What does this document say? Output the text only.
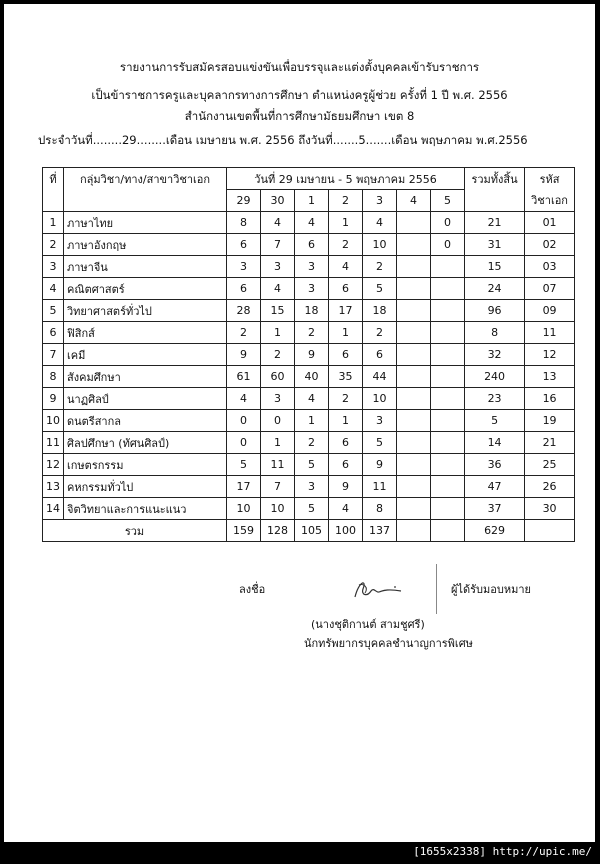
รายงานการรับสมัครสอบแข่งขันเพื่อบรรจุและแต่งตั้งบุคคลเข้ารับราชการ
เป็นข้าราชการครูและบุคลากรทางการศึกษา ตำแหน่งครูผู้ช่วย ครั้งที่ 1 ปี พ.ศ. 2556
สำนักงานเขตพื้นที่การศึกษามัธยมศึกษา เขต 8
ประจำวันที่........29........เดือน เมษายน พ.ศ. 2556 ถึงวันที่.......5.......เดือน พฤษภาคม พ.ศ.2556
ที่	กลุ่มวิชา/ทาง/สาขาวิชาเอก	วันที่ 29 เมษายน - 5 พฤษภาคม 2556							รวมทั้งสิ้น	รหัส
		29	30	1	2	3	4	5		วิชาเอก
1	ภาษาไทย	8	4	4	1	4		0	21	01
2	ภาษาอังกฤษ	6	7	6	2	10		0	31	02
3	ภาษาจีน	3	3	3	4	2			15	03
4	คณิตศาสตร์	6	4	3	6	5			24	07
5	วิทยาศาสตร์ทั่วไป	28	15	18	17	18			96	09
6	ฟิสิกส์	2	1	2	1	2			8	11
7	เคมี	9	2	9	6	6			32	12
8	สังคมศึกษา	61	60	40	35	44			240	13
9	นาฏศิลป์	4	3	4	2	10			23	16
10	ดนตรีสากล	0	0	1	1	3			5	19
11	ศิลปศึกษา (ทัศนศิลป์)	0	1	2	6	5			14	21
12	เกษตรกรรม	5	11	5	6	9			36	25
13	คหกรรมทั่วไป	17	7	3	9	11			47	26
14	จิตวิทยาและการแนะแนว	10	10	5	4	8			37	30
รวม		159	128	105	100	137			629	
ลงชื่อ	ผู้ได้รับมอบหมาย
(นางชุติกานต์ สามชูศรี)
นักทรัพยากรบุคคลชำนาญการพิเศษ
[1655x2338] http://upic.me/
